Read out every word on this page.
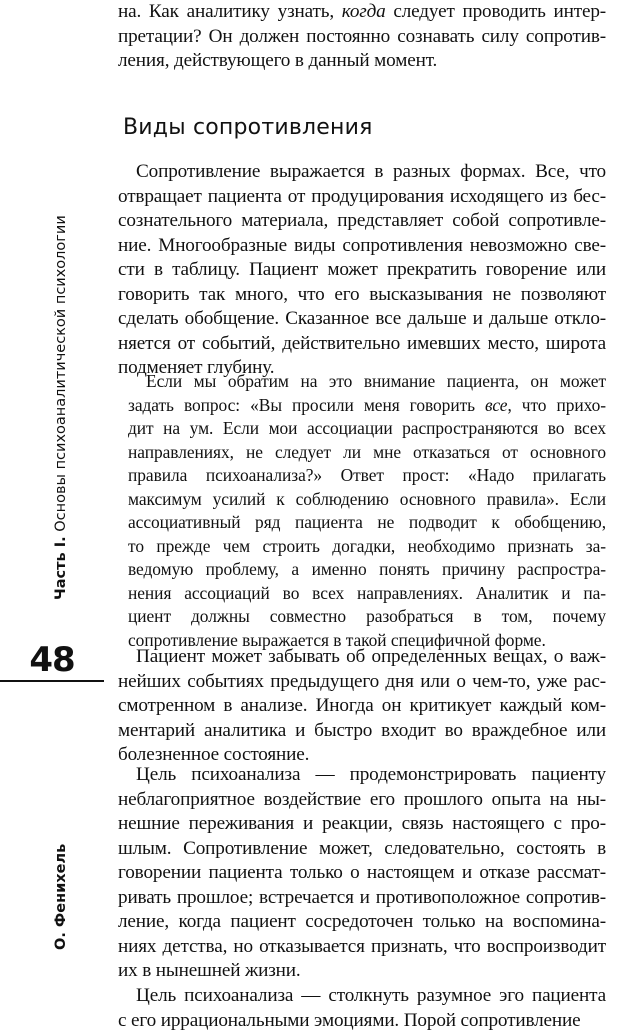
Часть I. Основы психоаналитической психологии
48
О. Фенихель
Виды сопротивления
на. Как аналитику узнать, когда следует проводить интер-
претации? Он должен постоянно сознавать силу сопротив-
ления, действующего в данный момент.
Сопротивление выражается в разных формах. Все, что
отвращает пациента от продуцирования исходящего из бес-
сознательного материала, представляет собой сопротивле-
ние. Многообразные виды сопротивления невозможно све-
сти в таблицу. Пациент может прекратить говорение или
говорить так много, что его высказывания не позволяют
сделать обобщение. Сказанное все дальше и дальше откло-
няется от событий, действительно имевших место, широта
подменяет глубину.
Если мы обратим на это внимание пациента, он может
задать вопрос: «Вы просили меня говорить все, что прихо-
дит на ум. Если мои ассоциации распространяются во всех
направлениях, не следует ли мне отказаться от основного
правила психоанализа?» Ответ прост: «Надо прилагать
максимум усилий к соблюдению основного правила». Если
ассоциативный ряд пациента не подводит к обобщению,
то прежде чем строить догадки, необходимо признать за-
ведомую проблему, а именно понять причину распростра-
нения ассоциаций во всех направлениях. Аналитик и па-
циент должны совместно разобраться в том, почему
сопротивление выражается в такой специфичной форме.
Пациент может забывать об определенных вещах, о важ-
нейших событиях предыдущего дня или о чем-то, уже рас-
смотренном в анализе. Иногда он критикует каждый ком-
ментарий аналитика и быстро входит во враждебное или
болезненное состояние.
Цель психоанализа — продемонстрировать пациенту
неблагоприятное воздействие его прошлого опыта на ны-
нешние переживания и реакции, связь настоящего с про-
шлым. Сопротивление может, следовательно, состоять в
говорении пациента только о настоящем и отказе рассмат-
ривать прошлое; встречается и противоположное сопротив-
ление, когда пациент сосредоточен только на воспомина-
ниях детства, но отказывается признать, что воспроизводит
их в нынешней жизни.
Цель психоанализа — столкнуть разумное эго пациента
с его иррациональными эмоциями. Порой сопротивление
